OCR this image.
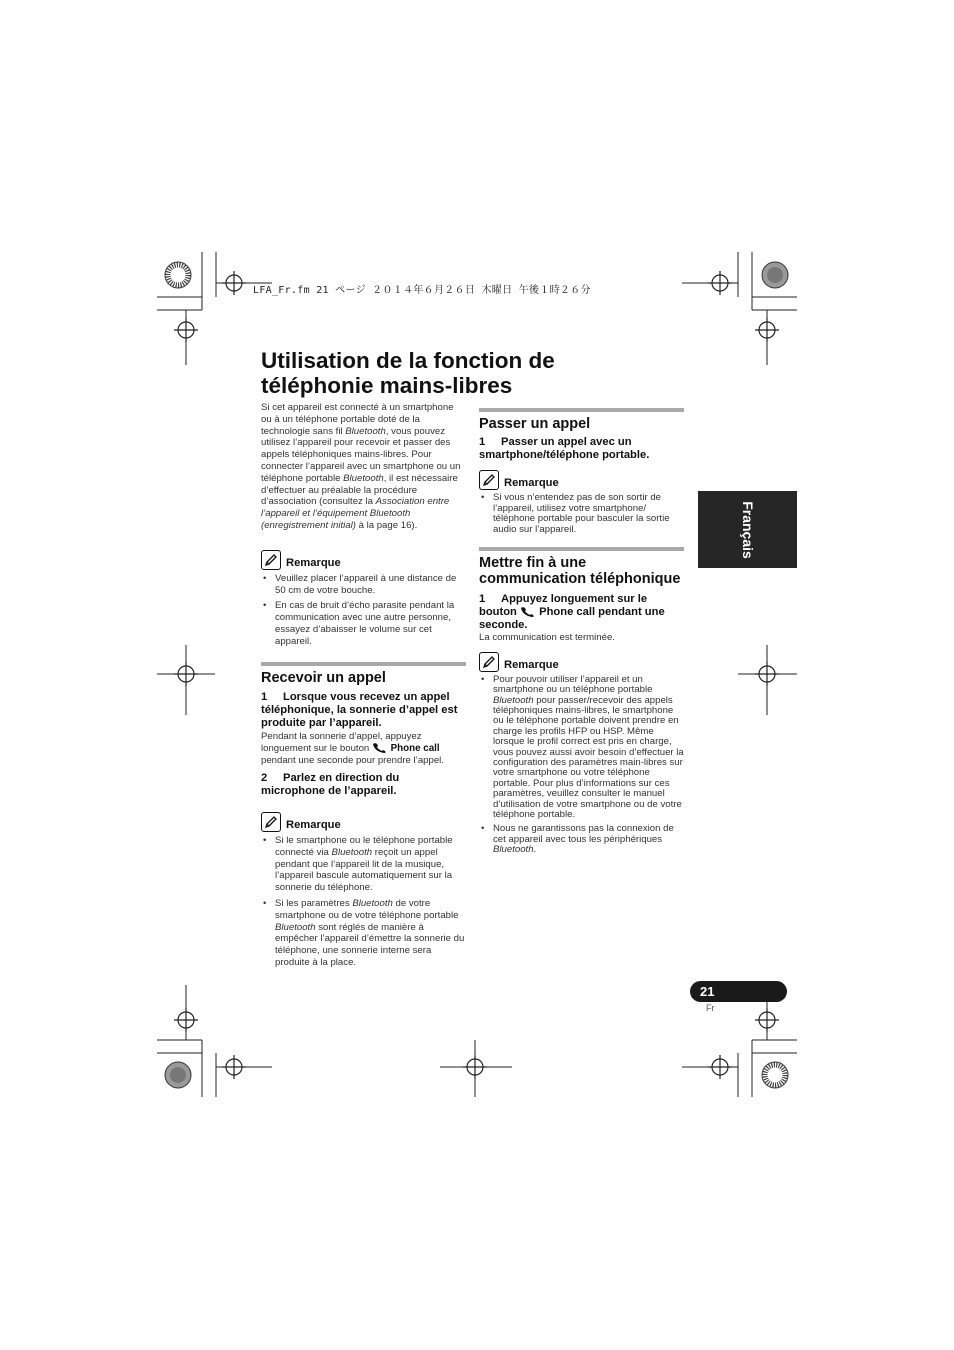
LFA_Fr.fm 21 ページ ２０１４年６月２６日 木曜日 午後１時２６分
Utilisation de la fonction de
téléphonie mains-libres

Si cet appareil est connecté à un smartphone ou à un téléphone portable doté de la technologie sans fil Bluetooth, vous pouvez utilisez l’appareil pour recevoir et passer des appels téléphoniques mains-libres. Pour connecter l’appareil avec un smartphone ou un téléphone portable Bluetooth, il est nécessaire d’effectuer au préalable la procédure d’association (consultez la Association entre l’appareil et l’équipement Bluetooth (enregistrement initial) à la page 16).

Remarque
• Veuillez placer l’appareil à une distance de 50 cm de votre bouche.
• En cas de bruit d’écho parasite pendant la communication avec une autre personne, essayez d’abaisser le volume sur cet appareil.
Recevoir un appel

1 Lorsque vous recevez un appel téléphonique, la sonnerie d’appel est produite par l’appareil.

Pendant la sonnerie d’appel, appuyez longuement sur le bouton  Phone call pendant une seconde pour prendre l’appel.

2 Parlez en direction du microphone de l’appareil.

Remarque
• Si le smartphone ou le téléphone portable connecté via Bluetooth reçoit un appel pendant que l’appareil lit de la musique, l’appareil bascule automatiquement sur la sonnerie du téléphone.
• Si les paramètres Bluetooth de votre smartphone ou de votre téléphone portable Bluetooth sont réglés de manière à empêcher l’appareil d’émettre la sonnerie du téléphone, une sonnerie interne sera produite à la place.
Passer un appel

1 Passer un appel avec un smartphone/téléphone portable.

Remarque
• Si vous n’entendez pas de son sortir de l’appareil, utilisez votre smartphone/ téléphone portable pour basculer la sortie audio sur l’appareil.
Mettre fin à une
communication téléphonique

1 Appuyez longuement sur le bouton  Phone call pendant une seconde.

La communication est terminée.

Remarque
• Pour pouvoir utiliser l’appareil et un smartphone ou un téléphone portable Bluetooth pour passer/recevoir des appels téléphoniques mains-libres, le smartphone ou le téléphone portable doivent prendre en charge les profils HFP ou HSP. Même lorsque le profil correct est pris en charge, vous pouvez aussi avoir besoin d’effectuer la configuration des paramètres main-libres sur votre smartphone ou votre téléphone portable. Pour plus d’informations sur ces paramètres, veuillez consulter le manuel d’utilisation de votre smartphone ou de votre téléphone portable.
• Nous ne garantissons pas la connexion de cet appareil avec tous les périphériques Bluetooth.
Français
21
Fr
